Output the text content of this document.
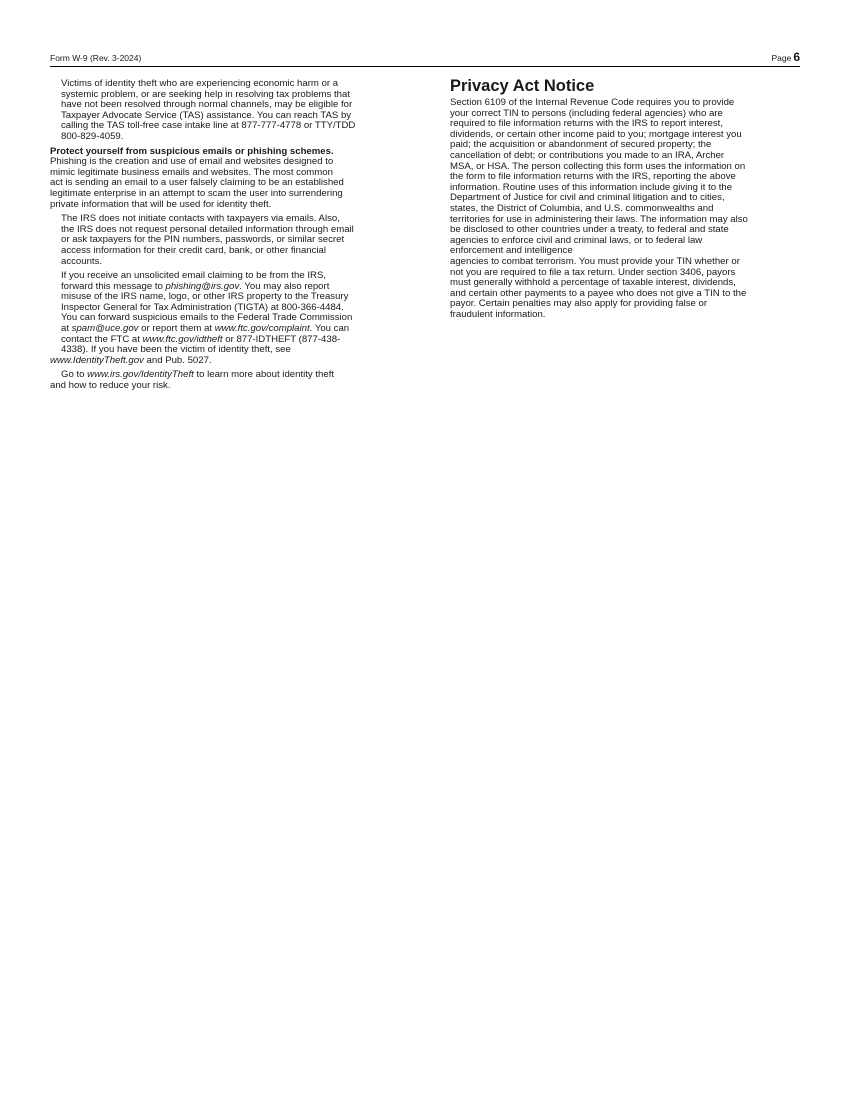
Form W-9 (Rev. 3-2024)	Page 6

Victims of identity theft who are experiencing economic harm or a
systemic problem, or are seeking help in resolving tax problems that
have not been resolved through normal channels, may be eligible for
Taxpayer Advocate Service (TAS) assistance. You can reach TAS by
calling the TAS toll-free case intake line at 877-777-4778 or TTY/TDD
800-829-4059.

Protect yourself from suspicious emails or phishing schemes.
Phishing is the creation and use of email and websites designed to
mimic legitimate business emails and websites. The most common
act is sending an email to a user falsely claiming to be an established
legitimate enterprise in an attempt to scam the user into surrendering
private information that will be used for identity theft.

The IRS does not initiate contacts with taxpayers via emails. Also,
the IRS does not request personal detailed information through email
or ask taxpayers for the PIN numbers, passwords, or similar secret
access information for their credit card, bank, or other financial
accounts.

If you receive an unsolicited email claiming to be from the IRS,
forward this message to phishing@irs.gov. You may also report
misuse of the IRS name, logo, or other IRS property to the Treasury
Inspector General for Tax Administration (TIGTA) at 800-366-4484.
You can forward suspicious emails to the Federal Trade Commission
at spam@uce.gov or report them at www.ftc.gov/complaint. You can
contact the FTC at www.ftc.gov/idtheft or 877-IDTHEFT (877-438-
4338). If you have been the victim of identity theft, see
www.IdentityTheft.gov and Pub. 5027.

Go to www.irs.gov/IdentityTheft to learn more about identity theft
and how to reduce your risk.

Privacy Act Notice

Section 6109 of the Internal Revenue Code requires you to provide
your correct TIN to persons (including federal agencies) who are
required to file information returns with the IRS to report interest,
dividends, or certain other income paid to you; mortgage interest you
paid; the acquisition or abandonment of secured property; the
cancellation of debt; or contributions you made to an IRA, Archer
MSA, or HSA. The person collecting this form uses the information on
the form to file information returns with the IRS, reporting the above
information. Routine uses of this information include giving it to the
Department of Justice for civil and criminal litigation and to cities,
states, the District of Columbia, and U.S. commonwealths and
territories for use in administering their laws. The information may also
be disclosed to other countries under a treaty, to federal and state
agencies to enforce civil and criminal laws, or to federal law
enforcement and intelligence
agencies to combat terrorism. You must provide your TIN whether or
not you are required to file a tax return. Under section 3406, payors
must generally withhold a percentage of taxable interest, dividends,
and certain other payments to a payee who does not give a TIN to the
payor. Certain penalties may also apply for providing false or
fraudulent information.
